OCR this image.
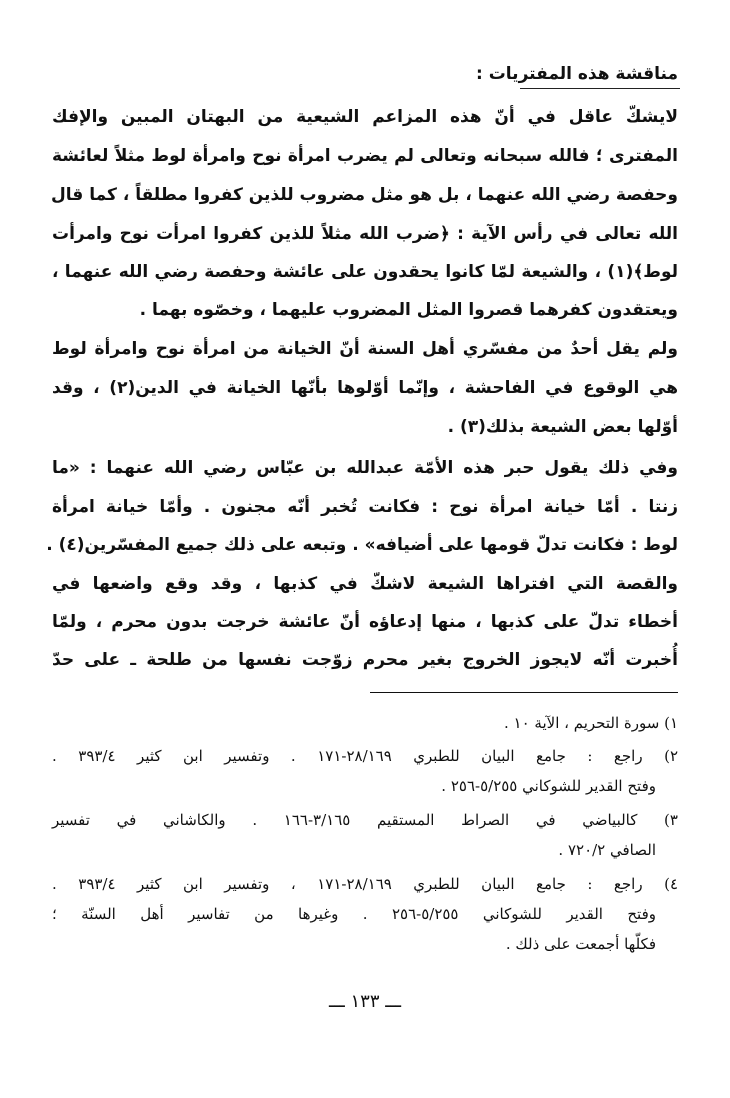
مناقشة هذه المفتريات :
لايشكّ عاقل في أنّ هذه المزاعم الشيعية من البهتان المبين والإفك
المفترى ؛ فالله سبحانه وتعالى لم يضرب امرأة نوح وامرأة لوط مثلاً لعائشة
وحفصة رضي الله عنهما ، بل هو مثل مضروب للذين كفروا مطلقاً ، كما قال
الله تعالى في رأس الآية : ﴿ضرب الله مثلاً للذين كفروا امرأت نوح وامرأت
لوط﴾(١) ، والشيعة لمّا كانوا يحقدون على عائشة وحفصة رضي الله عنهما ،
ويعتقدون كفرهما قصروا المثل المضروب عليهما ، وخصّوه بهما .
ولم يقل أحدٌ من مفسّري أهل السنة أنّ الخيانة من امرأة نوح وامرأة لوط
هي الوقوع في الفاحشة ، وإنّما أوّلوها بأنّها الخيانة في الدين(٢) ، وقد
أوّلها بعض الشيعة بذلك(٣) .
وفي ذلك يقول حبر هذه الأمّة عبدالله بن عبّاس رضي الله عنهما : «ما
زنتا . أمّا خيانة امرأة نوح : فكانت تُخبر أنّه مجنون . وأمّا خيانة امرأة
لوط : فكانت تدلّ قومها على أضيافه» . وتبعه على ذلك جميع المفسّرين(٤) .
والقصة التي افتراها الشيعة لاشكّ في كذبها ، وقد وقع واضعها في
أخطاء تدلّ على كذبها ، منها إدعاؤه أنّ عائشة خرجت بدون محرم ، ولمّا
أُخبرت أنّه لايجوز الخروج بغير محرم زوّجت نفسها من طلحة ـ على حدّ
١) سورة التحريم ، الآية ١٠ .
٢) راجع : جامع البيان للطبري ٢٨/١٦٩-١٧١ . وتفسير ابن كثير ٣٩٣/٤ .
وفتح القدير للشوكاني ٥/٢٥٥-٢٥٦ .
٣) كالبياضي في الصراط المستقيم ٣/١٦٥-١٦٦ . والكاشاني في تفسير
الصافي ٧٢٠/٢ .
٤) راجع : جامع البيان للطبري ٢٨/١٦٩-١٧١ ، وتفسير ابن كثير ٣٩٣/٤ .
وفتح القدير للشوكاني ٥/٢٥٥-٢٥٦ . وغيرها من تفاسير أهل السنّة ؛
فكلّها أجمعت على ذلك .
ـــ ١٣٣ ـــ
